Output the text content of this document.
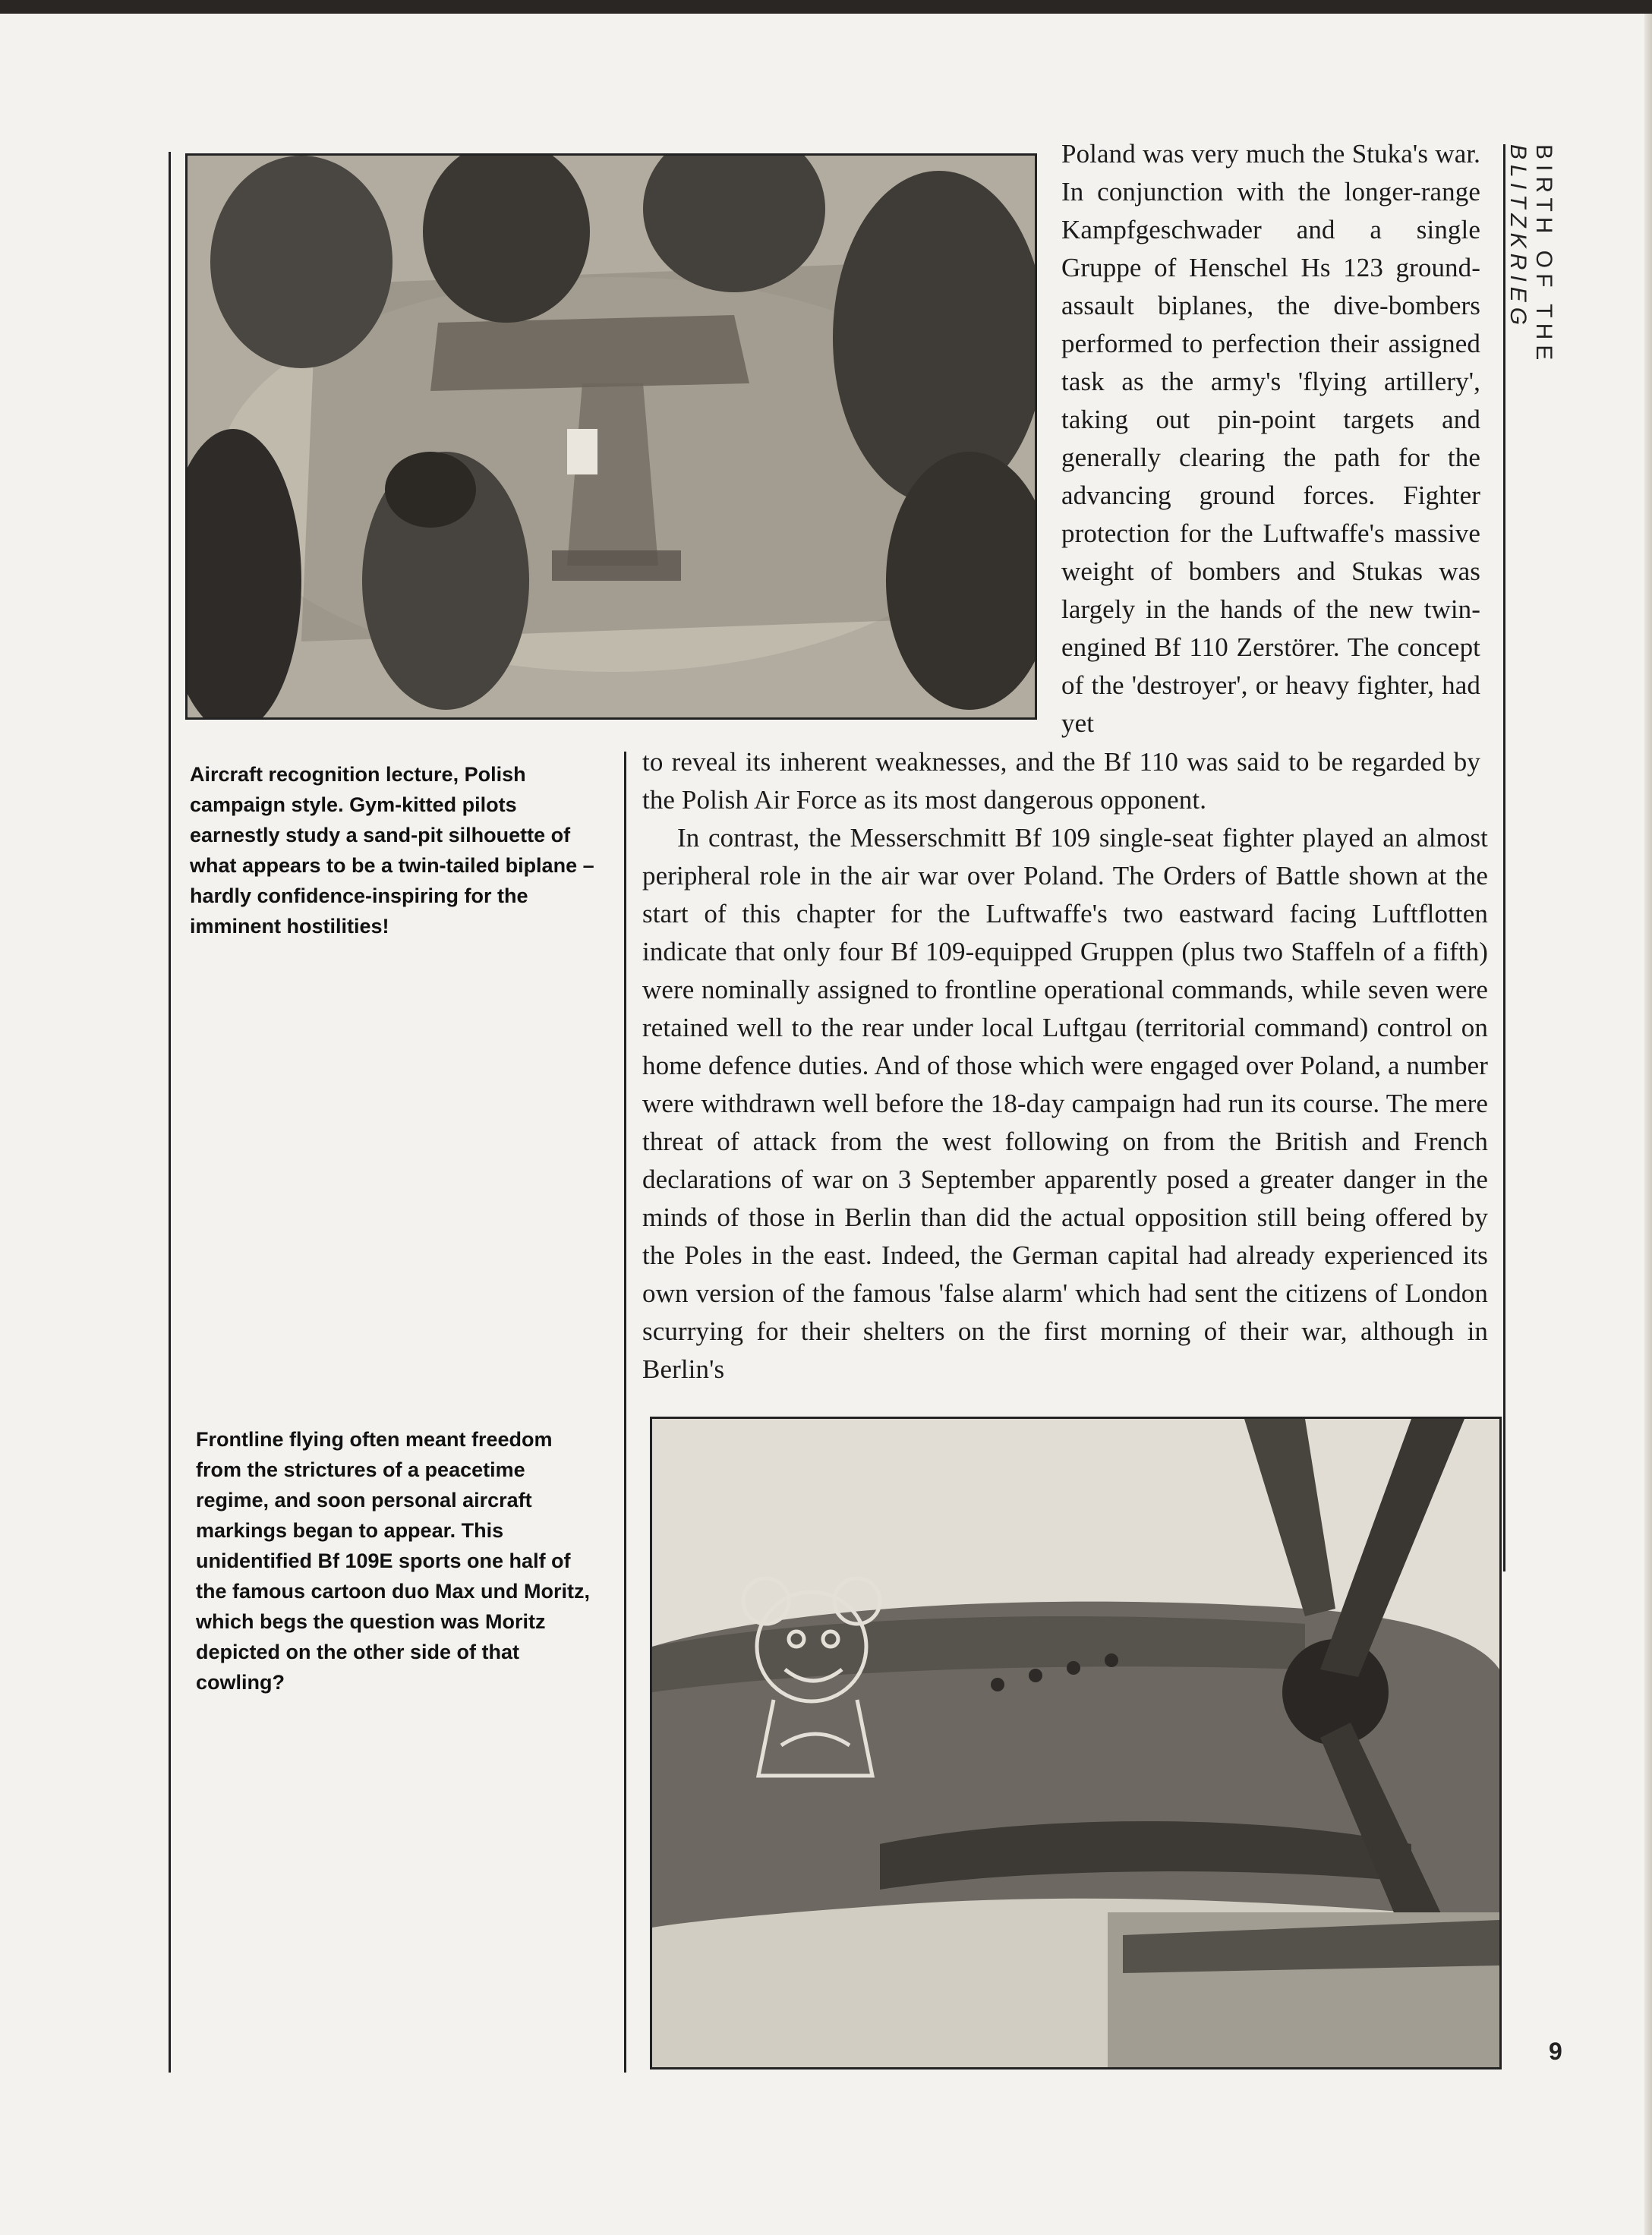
Poland was very much the Stuka's war. In conjunction with the longer-range Kampfgeschwader and a single Gruppe of Henschel Hs 123 ground-assault biplanes, the dive-bombers performed to perfection their assigned task as the army's 'flying artillery', taking out pin-point targets and generally clearing the path for the advancing ground forces. Fighter protection for the Luftwaffe's massive weight of bombers and Stukas was largely in the hands of the new twin-engined Bf 110 Zerstörer. The concept of the 'destroyer', or heavy fighter, had yet

to reveal its inherent weaknesses, and the Bf 110 was said to be regarded by the Polish Air Force as its most dangerous opponent.

In contrast, the Messerschmitt Bf 109 single-seat fighter played an almost peripheral role in the air war over Poland. The Orders of Battle shown at the start of this chapter for the Luftwaffe's two eastward facing Luftflotten indicate that only four Bf 109-equipped Gruppen (plus two Staffeln of a fifth) were nominally assigned to frontline operational commands, while seven were retained well to the rear under local Luftgau (territorial command) control on home defence duties. And of those which were engaged over Poland, a number were withdrawn well before the 18-day campaign had run its course. The mere threat of attack from the west following on from the British and French declarations of war on 3 September apparently posed a greater danger in the minds of those in Berlin than did the actual opposition still being offered by the Poles in the east. Indeed, the German capital had already experienced its own version of the famous 'false alarm' which had sent the citizens of London scurrying for their shelters on the first morning of their war, although in Berlin's

Aircraft recognition lecture, Polish campaign style. Gym-kitted pilots earnestly study a sand-pit silhouette of what appears to be a twin-tailed biplane – hardly confidence-inspiring for the imminent hostilities!

Frontline flying often meant freedom from the strictures of a peacetime regime, and soon personal aircraft markings began to appear. This unidentified Bf 109E sports one half of the famous cartoon duo Max und Moritz, which begs the question was Moritz depicted on the other side of that cowling?

BIRTH OF THE BLITZKRIEG
9
